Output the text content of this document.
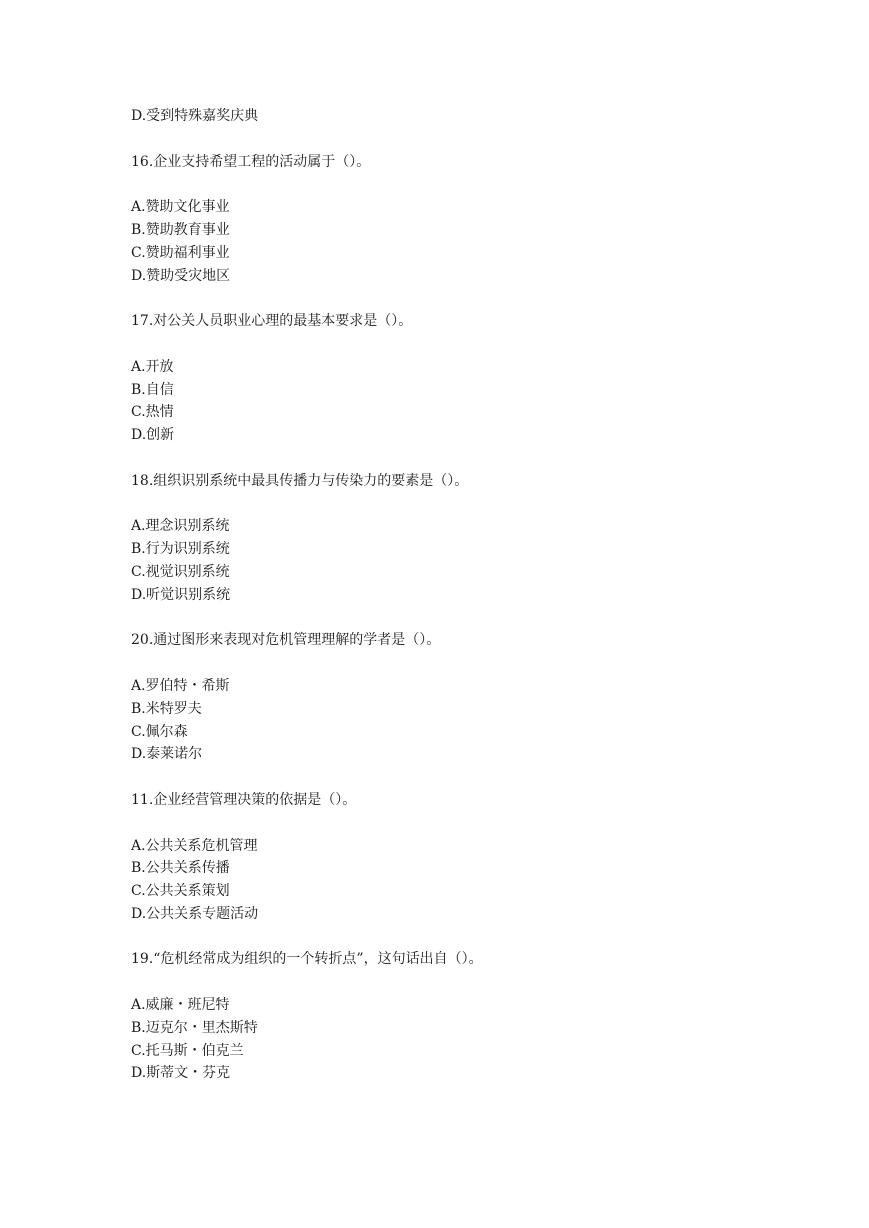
D.受到特殊嘉奖庆典
16.企业支持希望工程的活动属于（）。
A.赞助文化事业
B.赞助教育事业
C.赞助福利事业
D.赞助受灾地区
17.对公关人员职业心理的最基本要求是（）。
A.开放
B.自信
C.热情
D.创新
18.组织识别系统中最具传播力与传染力的要素是（）。
A.理念识别系统
B.行为识别系统
C.视觉识别系统
D.听觉识别系统
20.通过图形来表现对危机管理理解的学者是（）。
A.罗伯特・希斯
B.米特罗夫
C.佩尔森
D.泰莱诺尔
11.企业经营管理决策的依据是（）。
A.公共关系危机管理
B.公共关系传播
C.公共关系策划
D.公共关系专题活动
19.“危机经常成为组织的一个转折点”，这句话出自（）。
A.威廉・班尼特
B.迈克尔・里杰斯特
C.托马斯・伯克兰
D.斯蒂文・芬克
